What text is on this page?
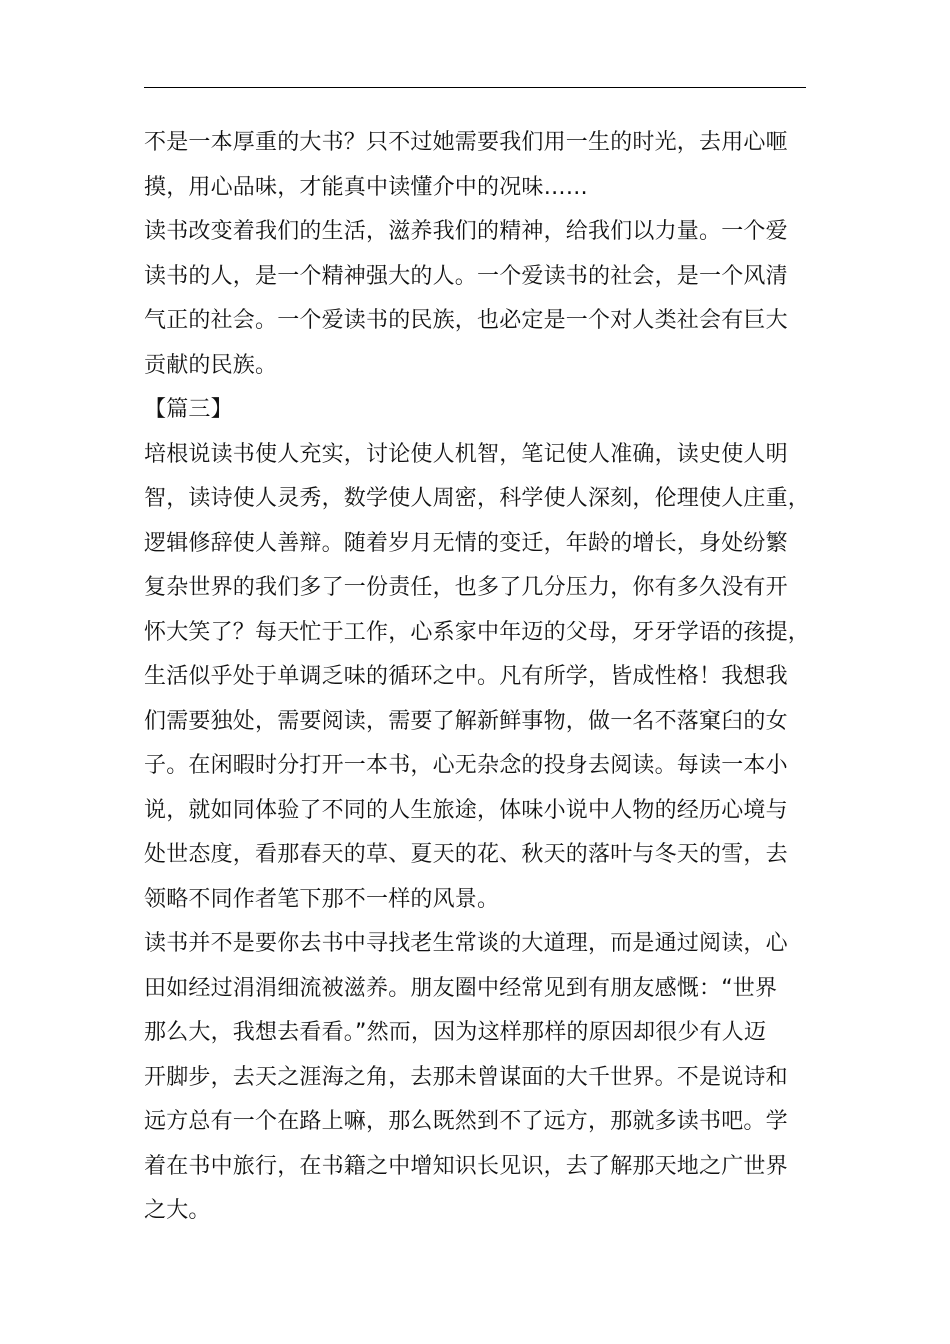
不是一本厚重的大书？只不过她需要我们用一生的时光，去用心咂
摸，用心品味，才能真中读懂介中的况味……
读书改变着我们的生活，滋养我们的精神，给我们以力量。一个爱
读书的人，是一个精神强大的人。一个爱读书的社会，是一个风清
气正的社会。一个爱读书的民族，也必定是一个对人类社会有巨大
贡献的民族。
【篇三】
培根说读书使人充实，讨论使人机智，笔记使人准确，读史使人明
智，读诗使人灵秀，数学使人周密，科学使人深刻，伦理使人庄重，
逻辑修辞使人善辩。随着岁月无情的变迁，年龄的增长，身处纷繁
复杂世界的我们多了一份责任，也多了几分压力，你有多久没有开
怀大笑了？每天忙于工作，心系家中年迈的父母，牙牙学语的孩提，
生活似乎处于单调乏味的循环之中。凡有所学，皆成性格！我想我
们需要独处，需要阅读，需要了解新鲜事物，做一名不落窠臼的女
子。在闲暇时分打开一本书，心无杂念的投身去阅读。每读一本小
说，就如同体验了不同的人生旅途，体味小说中人物的经历心境与
处世态度，看那春天的草、夏天的花、秋天的落叶与冬天的雪，去
领略不同作者笔下那不一样的风景。
读书并不是要你去书中寻找老生常谈的大道理，而是通过阅读，心
田如经过涓涓细流被滋养。朋友圈中经常见到有朋友感慨：“世界
那么大，我想去看看。”然而，因为这样那样的原因却很少有人迈
开脚步，去天之涯海之角，去那未曾谋面的大千世界。不是说诗和
远方总有一个在路上嘛，那么既然到不了远方，那就多读书吧。学
着在书中旅行，在书籍之中增知识长见识，去了解那天地之广世界
之大。
